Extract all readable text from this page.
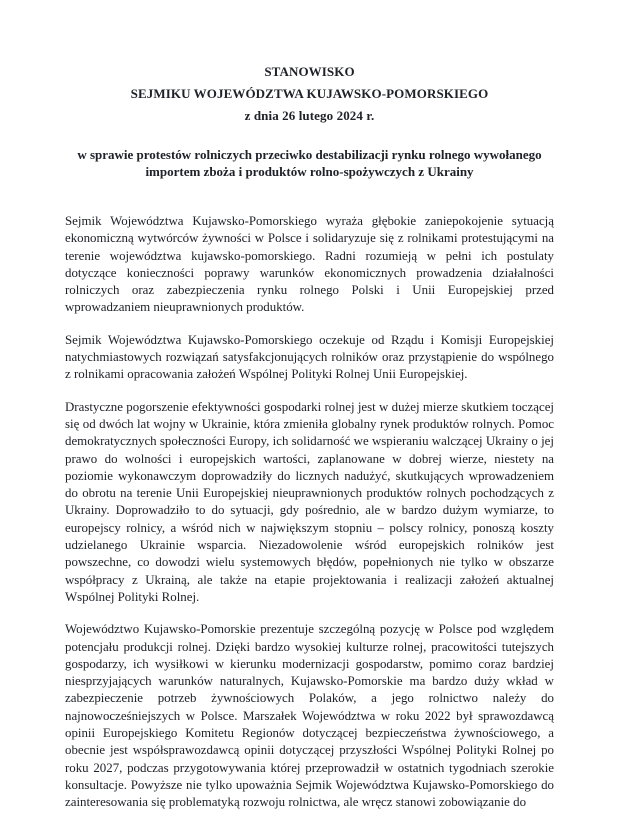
STANOWISKO
SEJMIKU WOJEWÓDZTWA KUJAWSKO-POMORSKIEGO
z dnia 26 lutego 2024 r.
w sprawie protestów rolniczych przeciwko destabilizacji rynku rolnego wywołanego
importem zboża i produktów rolno-spożywczych z Ukrainy

Sejmik Województwa Kujawsko-Pomorskiego wyraża głębokie zaniepokojenie sytuacją ekonomiczną wytwórców żywności w Polsce i solidaryzuje się z rolnikami protestującymi na terenie województwa kujawsko-pomorskiego. Radni rozumieją w pełni ich postulaty dotyczące konieczności poprawy warunków ekonomicznych prowadzenia działalności rolniczych oraz zabezpieczenia rynku rolnego Polski i Unii Europejskiej przed wprowadzaniem nieuprawnionych produktów.

Sejmik Województwa Kujawsko-Pomorskiego oczekuje od Rządu i Komisji Europejskiej natychmiastowych rozwiązań satysfakcjonujących rolników oraz przystąpienie do wspólnego z rolnikami opracowania założeń Wspólnej Polityki Rolnej Unii Europejskiej.

Drastyczne pogorszenie efektywności gospodarki rolnej jest w dużej mierze skutkiem toczącej się od dwóch lat wojny w Ukrainie, która zmieniła globalny rynek produktów rolnych. Pomoc demokratycznych społeczności Europy, ich solidarność we wspieraniu walczącej Ukrainy o jej prawo do wolności i europejskich wartości, zaplanowane w dobrej wierze, niestety na poziomie wykonawczym doprowadziły do licznych nadużyć, skutkujących wprowadzeniem do obrotu na terenie Unii Europejskiej nieuprawnionych produktów rolnych pochodzących z Ukrainy. Doprowadziło to do sytuacji, gdy pośrednio, ale w bardzo dużym wymiarze, to europejscy rolnicy, a wśród nich w największym stopniu – polscy rolnicy, ponoszą koszty udzielanego Ukrainie wsparcia. Niezadowolenie wśród europejskich rolników jest powszechne, co dowodzi wielu systemowych błędów, popełnionych nie tylko w obszarze współpracy z Ukrainą, ale także na etapie projektowania i realizacji założeń aktualnej Wspólnej Polityki Rolnej.

Województwo Kujawsko-Pomorskie prezentuje szczególną pozycję w Polsce pod względem potencjału produkcji rolnej. Dzięki bardzo wysokiej kulturze rolnej, pracowitości tutejszych gospodarzy, ich wysiłkowi w kierunku modernizacji gospodarstw, pomimo coraz bardziej niesprzyjających warunków naturalnych, Kujawsko-Pomorskie ma bardzo duży wkład w zabezpieczenie potrzeb żywnościowych Polaków, a jego rolnictwo należy do najnowocześniejszych w Polsce. Marszałek Województwa w roku 2022 był sprawozdawcą opinii Europejskiego Komitetu Regionów dotyczącej bezpieczeństwa żywnościowego, a obecnie jest współsprawozdawcą opinii dotyczącej przyszłości Wspólnej Polityki Rolnej po roku 2027, podczas przygotowywania której przeprowadził w ostatnich tygodniach szerokie konsultacje. Powyższe nie tylko upoważnia Sejmik Województwa Kujawsko-Pomorskiego do zainteresowania się problematyką rozwoju rolnictwa, ale wręcz stanowi zobowiązanie do
